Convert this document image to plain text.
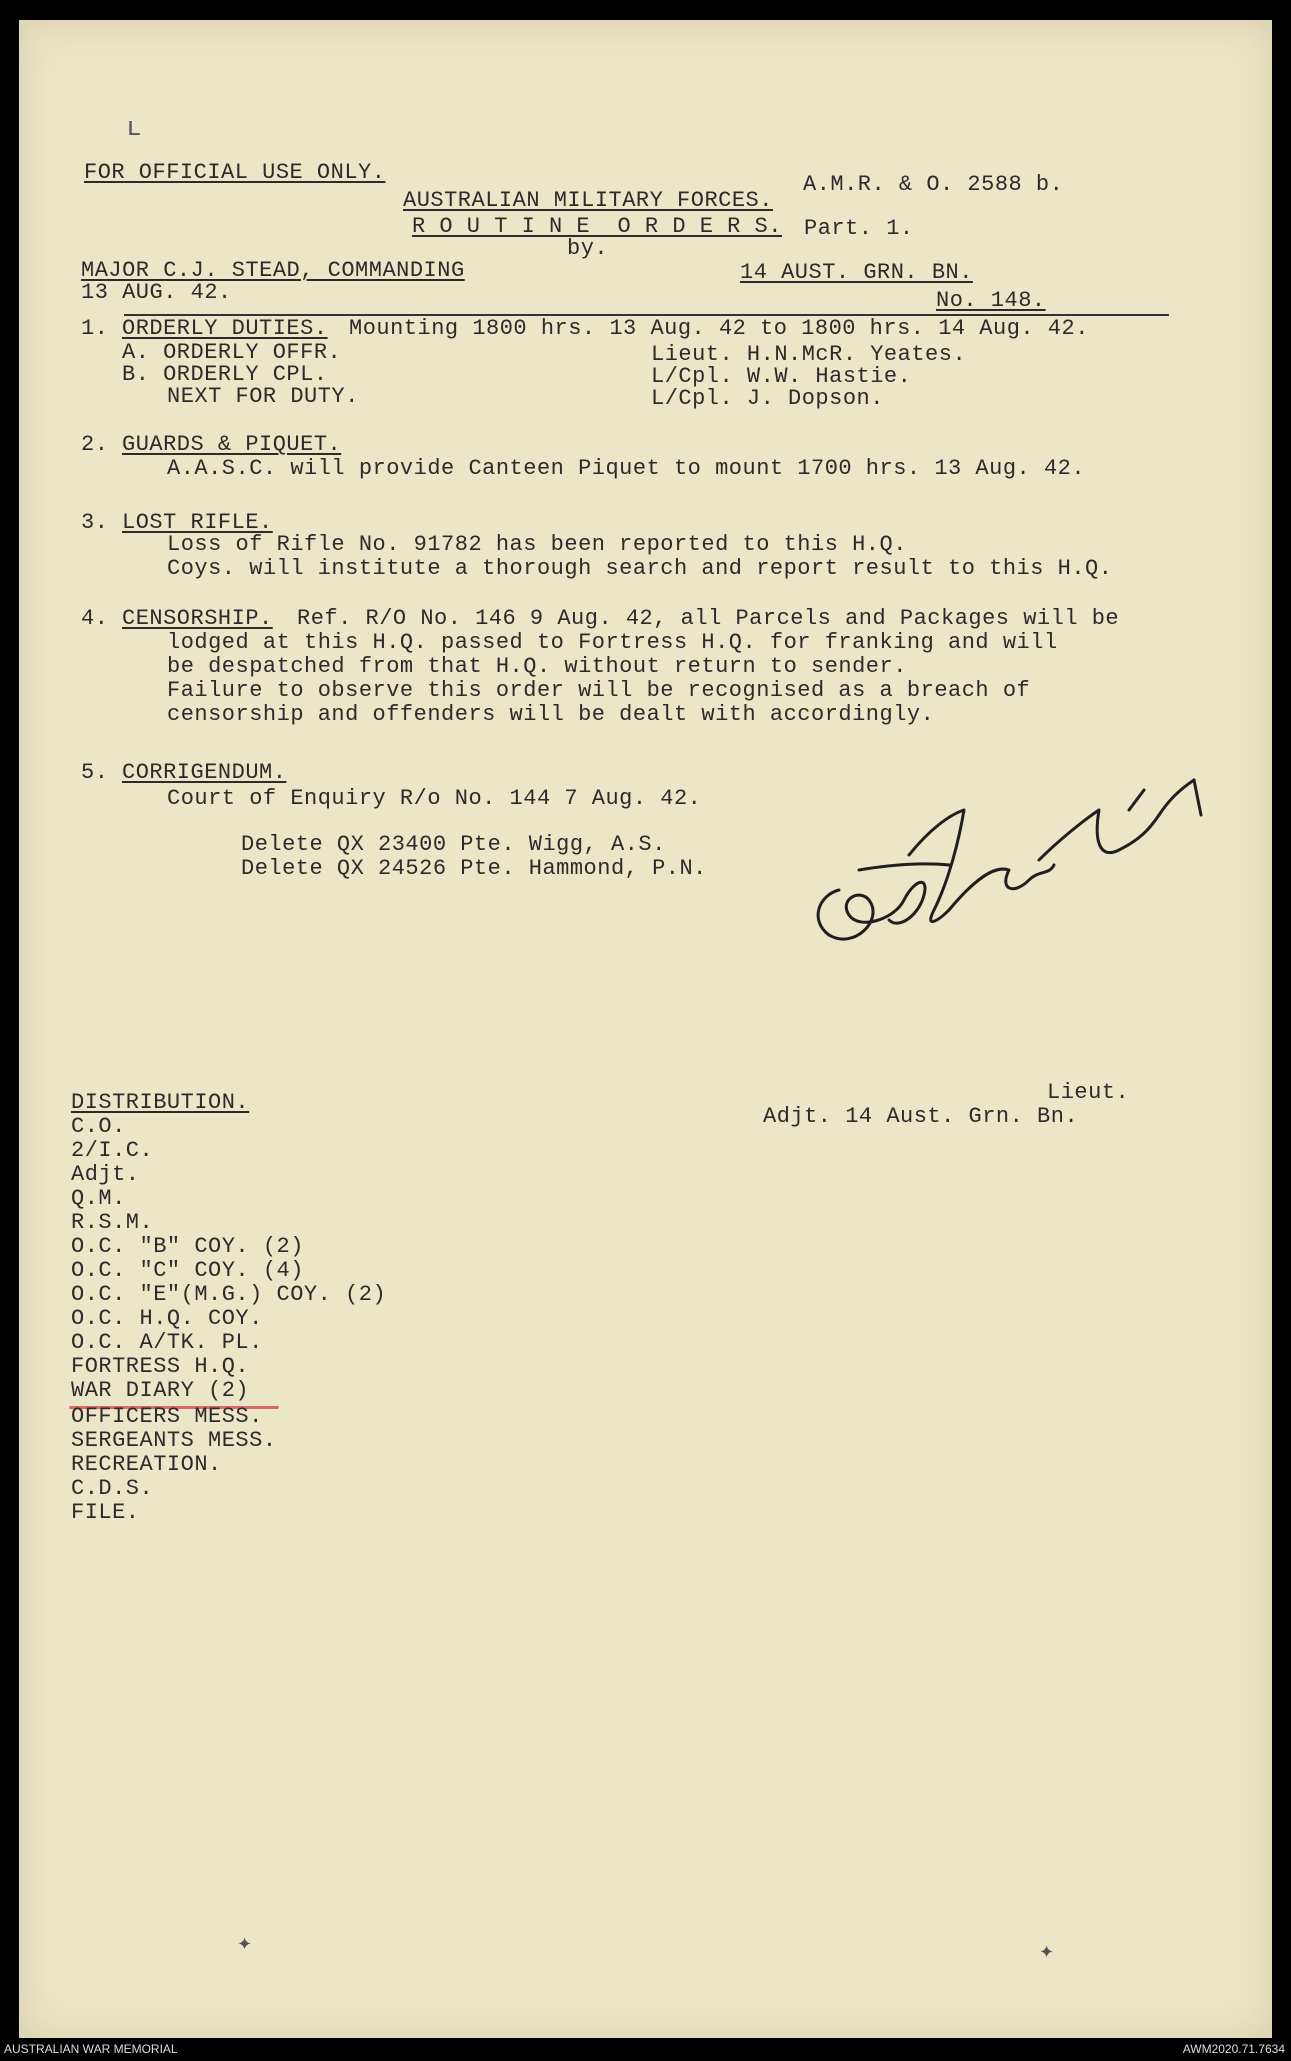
FOR OFFICIAL USE ONLY.	A.M.R. & O. 2588 b.
AUSTRALIAN MILITARY FORCES.
R O U T I N E  O R D E R S. Part. 1.
by.
MAJOR C.J. STEAD, COMMANDING
13 AUG. 42.
14 AUST. GRN. BN.
No. 148.
1. ORDERLY DUTIES. Mounting 1800 hrs. 13 Aug. 42 to 1800 hrs. 14 Aug. 42.
A. ORDERLY OFFR.	Lieut. H.N.McR. Yeates.
B. ORDERLY CPL.	L/Cpl. W.W. Hastie.
NEXT FOR DUTY.	L/Cpl. J. Dopson.
2. GUARDS & PIQUET.
A.A.S.C. will provide Canteen Piquet to mount 1700 hrs. 13 Aug. 42.
3. LOST RIFLE.
Loss of Rifle No. 91782 has been reported to this H.Q.
Coys. will institute a thorough search and report result to this H.Q.
4. CENSORSHIP. Ref. R/O No. 146 9 Aug. 42, all Parcels and Packages will be
lodged at this H.Q. passed to Fortress H.Q. for franking and will
be despatched from that H.Q. without return to sender.
Failure to observe this order will be recognised as a breach of
censorship and offenders will be dealt with accordingly.
5. CORRIGENDUM.
Court of Enquiry R/o No. 144 7 Aug. 42.
Delete QX 23400 Pte. Wigg, A.S.
Delete QX 24526 Pte. Hammond, P.N.
Lieut.
Adjt. 14 Aust. Grn. Bn.
DISTRIBUTION.
C.O.
2/I.C.
Adjt.
Q.M.
R.S.M.
O.C. "B" COY. (2)
O.C. "C" COY. (4)
O.C. "E"(M.G.) COY. (2)
O.C. H.Q. COY.
O.C. A/TK. PL.
FORTRESS H.Q.
WAR DIARY (2)
OFFICERS MESS.
SERGEANTS MESS.
RECREATION.
C.D.S.
FILE.
ʟ
✦	✦
AUSTRALIAN WAR MEMORIAL	AWM2020.71.7634
